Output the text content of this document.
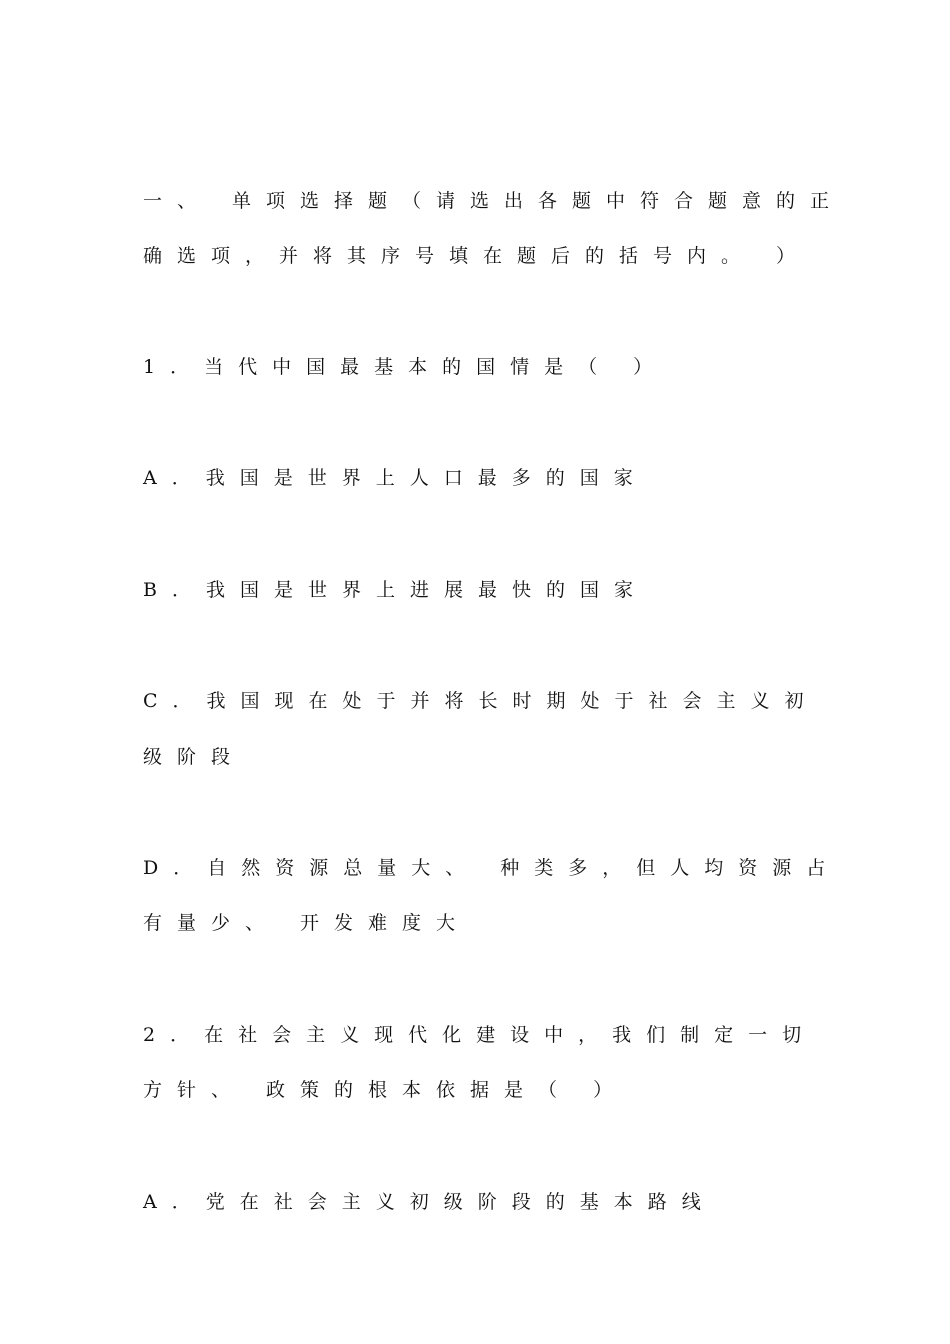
一、 单项选择题（请选出各题中符合题意的正
确选项，并将其序号填在题后的括号内。 ）
1．当代中国最基本的国情是（ ）
A．我国是世界上人口最多的国家
B．我国是世界上进展最快的国家
C．我国现在处于并将长时期处于社会主义初
级阶段
D．自然资源总量大、 种类多，但人均资源占
有量少、 开发难度大
2．在社会主义现代化建设中，我们制定一切
方针、 政策的根本依据是（ ）
A．党在社会主义初级阶段的基本路线
